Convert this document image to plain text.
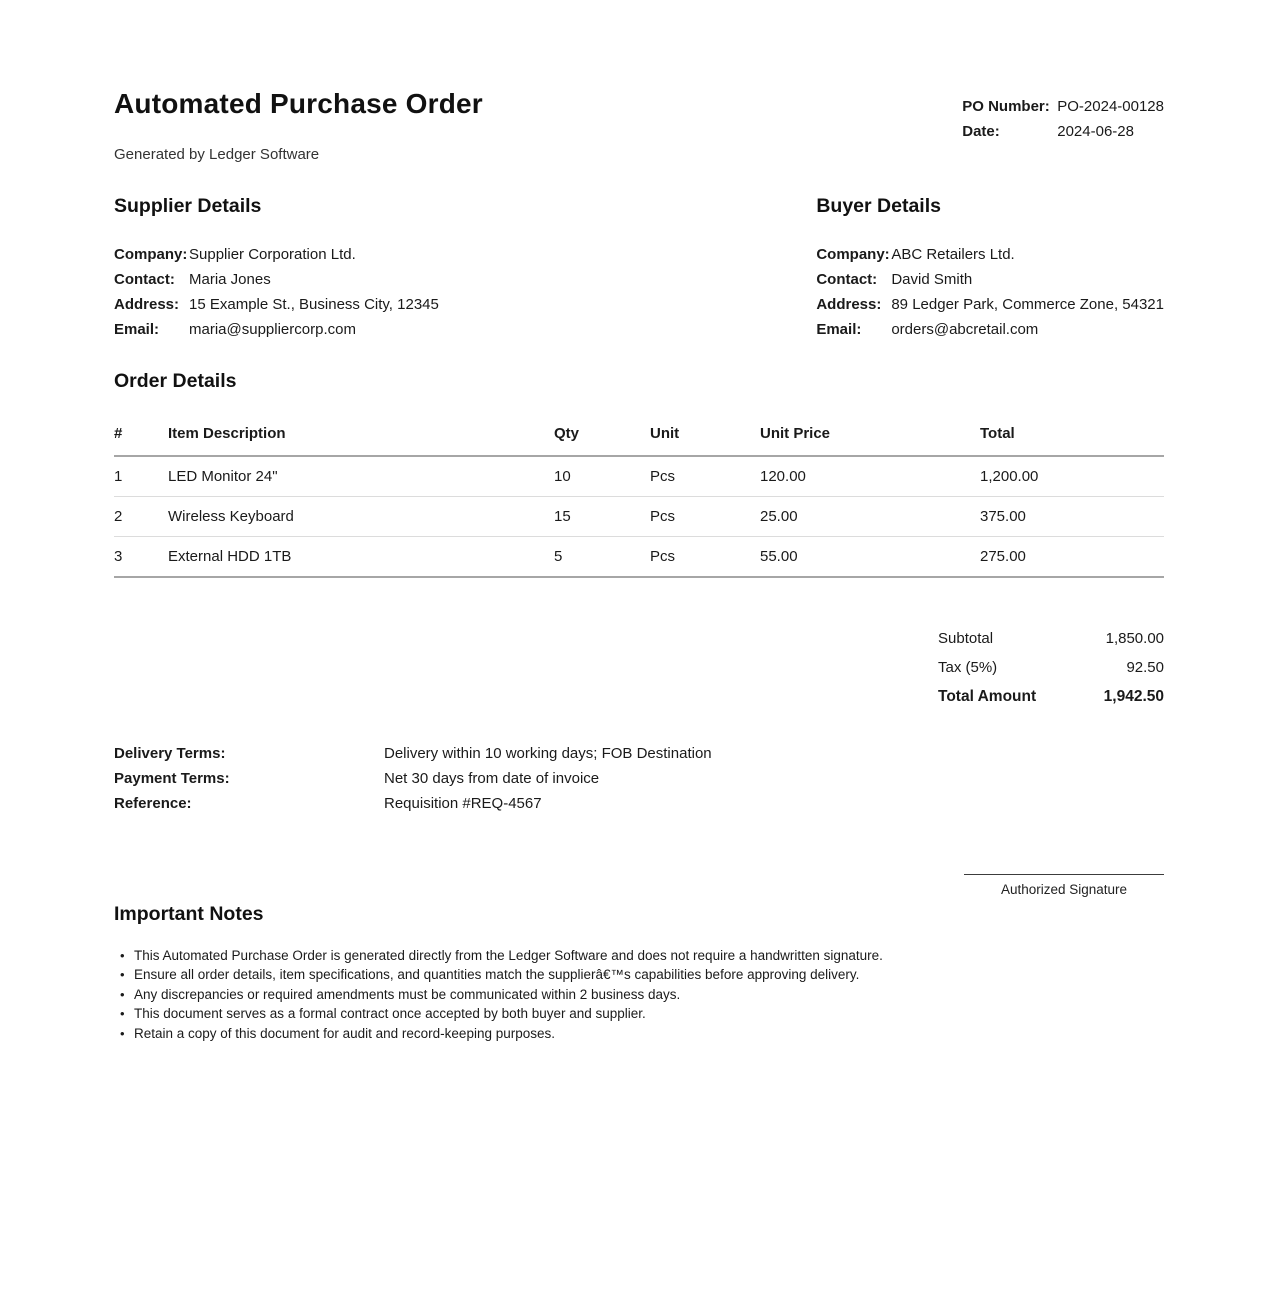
Automated Purchase Order
Generated by Ledger Software
PO Number: PO-2024-00128
Date:	2024-06-28
Supplier Details
Company: Supplier Corporation Ltd.
Contact: Maria Jones
Address: 15 Example St., Business City, 12345
Email: maria@suppliercorp.com
Buyer Details
Company: ABC Retailers Ltd.
Contact: David Smith
Address: 89 Ledger Park, Commerce Zone, 54321
Email: orders@abcretail.com
Order Details
#	Item Description	Qty	Unit	Unit Price	Total
1	LED Monitor 24"	10	Pcs	120.00	1,200.00
2	Wireless Keyboard	15	Pcs	25.00	375.00
3	External HDD 1TB	5	Pcs	55.00	275.00
Subtotal	1,850.00
Tax (5%)	92.50
Total Amount	1,942.50
Delivery Terms:	Delivery within 10 working days; FOB Destination
Payment Terms:	Net 30 days from date of invoice
Reference:	Requisition #REQ-4567
Authorized Signature
Important Notes
• This Automated Purchase Order is generated directly from the Ledger Software and does not require a handwritten signature.
• Ensure all order details, item specifications, and quantities match the supplierâ€™s capabilities before approving delivery.
• Any discrepancies or required amendments must be communicated within 2 business days.
• This document serves as a formal contract once accepted by both buyer and supplier.
• Retain a copy of this document for audit and record-keeping purposes.
